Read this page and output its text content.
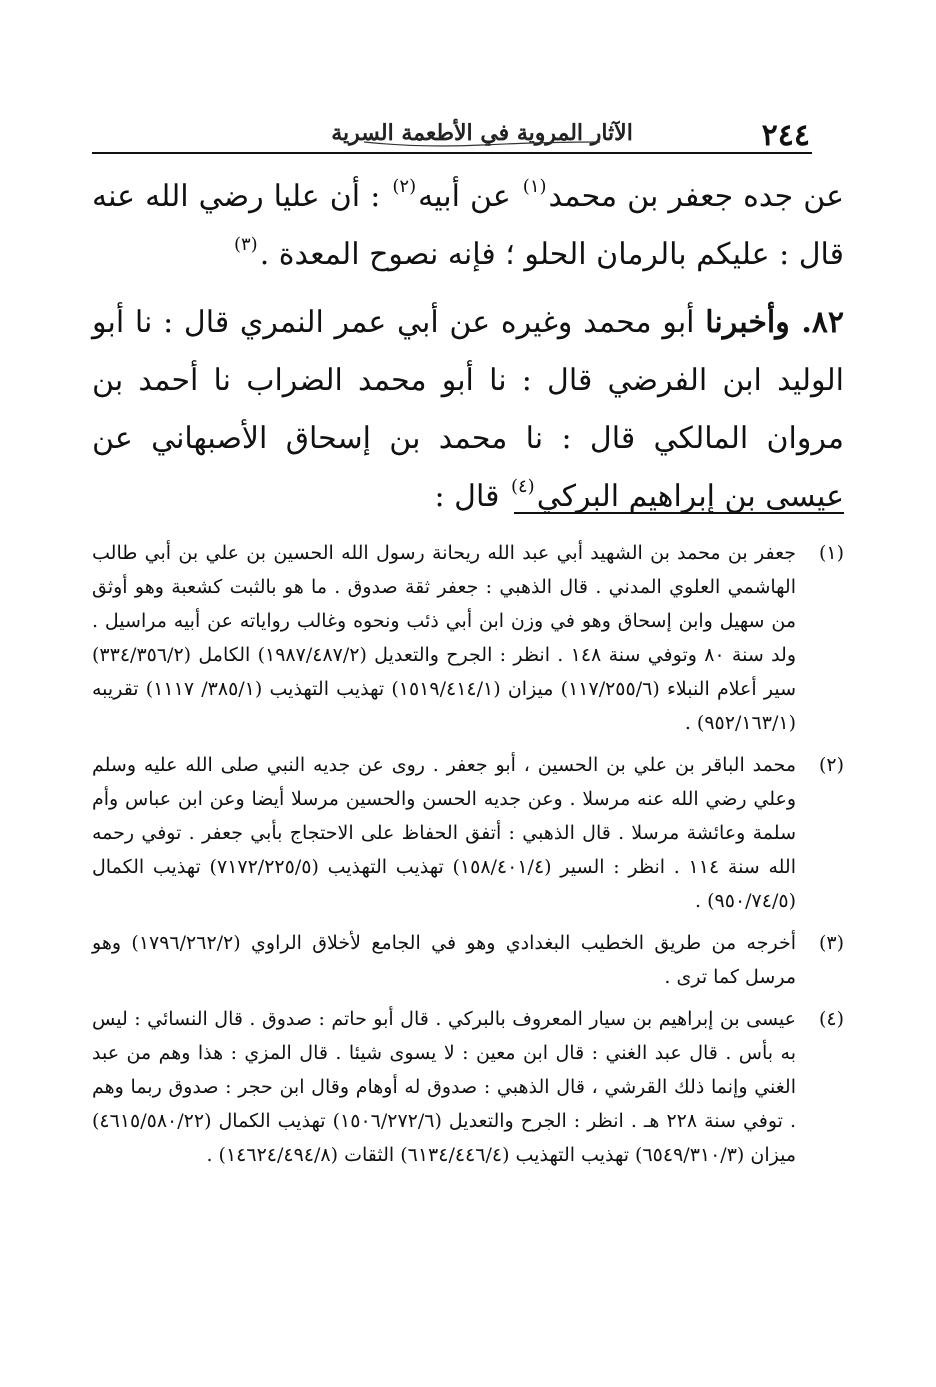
٢٤٤
الآثار المروية في الأطعمة السرية

عن جده جعفر بن محمد$^{(١)}$ عن أبيه$^{(٢)}$ : أن عليا رضي الله عنه قال : عليكم بالرمان الحلو ؛ فإنه نصوح المعدة .$^{(٣)}$

٨٢. وأخبرنا أبو محمد وغيره عن أبي عمر النمري قال : نا أبو الوليد ابن الفرضي قال : نا أبو محمد الضراب نا أحمد بن مروان المالكي قال : نا محمد بن إسحاق الأصبهاني عن عيسى بن إبراهيم البركي$^{(٤)}$ قال :

(١)
جعفر بن محمد بن الشهيد أبي عبد الله ريحانة رسول الله الحسين بن علي بن أبي طالب الهاشمي العلوي المدني . قال الذهبي : جعفر ثقة صدوق . ما هو بالثبت كشعبة وهو أوثق من سهيل وابن إسحاق وهو في وزن ابن أبي ذئب ونحوه وغالب رواياته عن أبيه مراسيل . ولد سنة ٨٠ وتوفي سنة ١٤٨ . انظر : الجرح والتعديل (١٩٨٧/٤٨٧/٢) الكامل (٣٣٤/٣٥٦/٢) سير أعلام النبلاء (١١٧/٢٥٥/٦) ميزان (١٥١٩/٤١٤/١) تهذيب التهذيب (٣٨٥/١/ ١١١٧) تقريبه (٩٥٢/١٦٣/١) .
(٢)
محمد الباقر بن علي بن الحسين ، أبو جعفر . روى عن جديه النبي صلى الله عليه وسلم وعلي رضي الله عنه مرسلا . وعن جديه الحسن والحسين مرسلا أيضا وعن ابن عباس وأم سلمة وعائشة مرسلا . قال الذهبي : أتفق الحفاظ على الاحتجاج بأبي جعفر . توفي رحمه الله سنة ١١٤ . انظر : السير (١٥٨/٤٠١/٤) تهذيب التهذيب (٧١٧٢/٢٢٥/٥) تهذيب الكمال (٩٥٠/٧٤/٥) .
(٣)
أخرجه من طريق الخطيب البغدادي وهو في الجامع لأخلاق الراوي (١٧٩٦/٢٦٢/٢) وهو مرسل كما ترى .
(٤)
عيسى بن إبراهيم بن سيار المعروف بالبركي . قال أبو حاتم : صدوق . قال النسائي : ليس به بأس . قال عبد الغني : قال ابن معين : لا يسوى شيئا . قال المزي : هذا وهم من عبد الغني وإنما ذلك القرشي ، قال الذهبي : صدوق له أوهام وقال ابن حجر : صدوق ربما وهم . توفي سنة ٢٢٨ هـ . انظر : الجرح والتعديل (١٥٠٦/٢٧٢/٦) تهذيب الكمال (٤٦١٥/٥٨٠/٢٢) ميزان (٦٥٤٩/٣١٠/٣) تهذيب التهذيب (٦١٣٤/٤٤٦/٤) الثقات (١٤٦٢٤/٤٩٤/٨) .
